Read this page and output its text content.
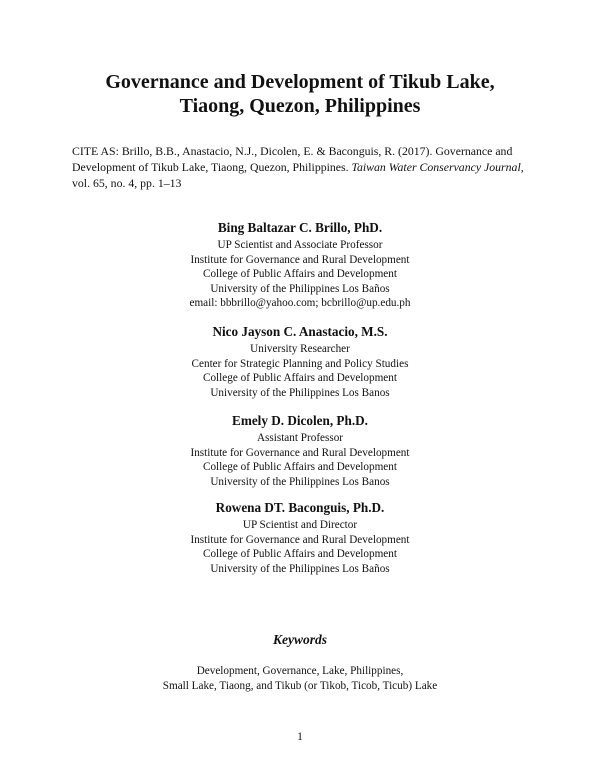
Governance and Development of Tikub Lake,
Tiaong, Quezon, Philippines
CITE AS: Brillo, B.B., Anastacio, N.J., Dicolen, E. & Baconguis, R. (2017). Governance and Development of Tikub Lake, Tiaong, Quezon, Philippines. Taiwan Water Conservancy Journal, vol. 65, no. 4, pp. 1–13
Bing Baltazar C. Brillo, PhD.
UP Scientist and Associate Professor
Institute for Governance and Rural Development
College of Public Affairs and Development
University of the Philippines Los Baños
email: bbbrillo@yahoo.com; bcbrillo@up.edu.ph
Nico Jayson C. Anastacio, M.S.
University Researcher
Center for Strategic Planning and Policy Studies
College of Public Affairs and Development
University of the Philippines Los Banos
Emely D. Dicolen, Ph.D.
Assistant Professor
Institute for Governance and Rural Development
College of Public Affairs and Development
University of the Philippines Los Banos
Rowena DT. Baconguis, Ph.D.
UP Scientist and Director
Institute for Governance and Rural Development
College of Public Affairs and Development
University of the Philippines Los Baños
Keywords
Development, Governance, Lake, Philippines,
Small Lake, Tiaong, and Tikub (or Tikob, Ticob, Ticub) Lake
1
